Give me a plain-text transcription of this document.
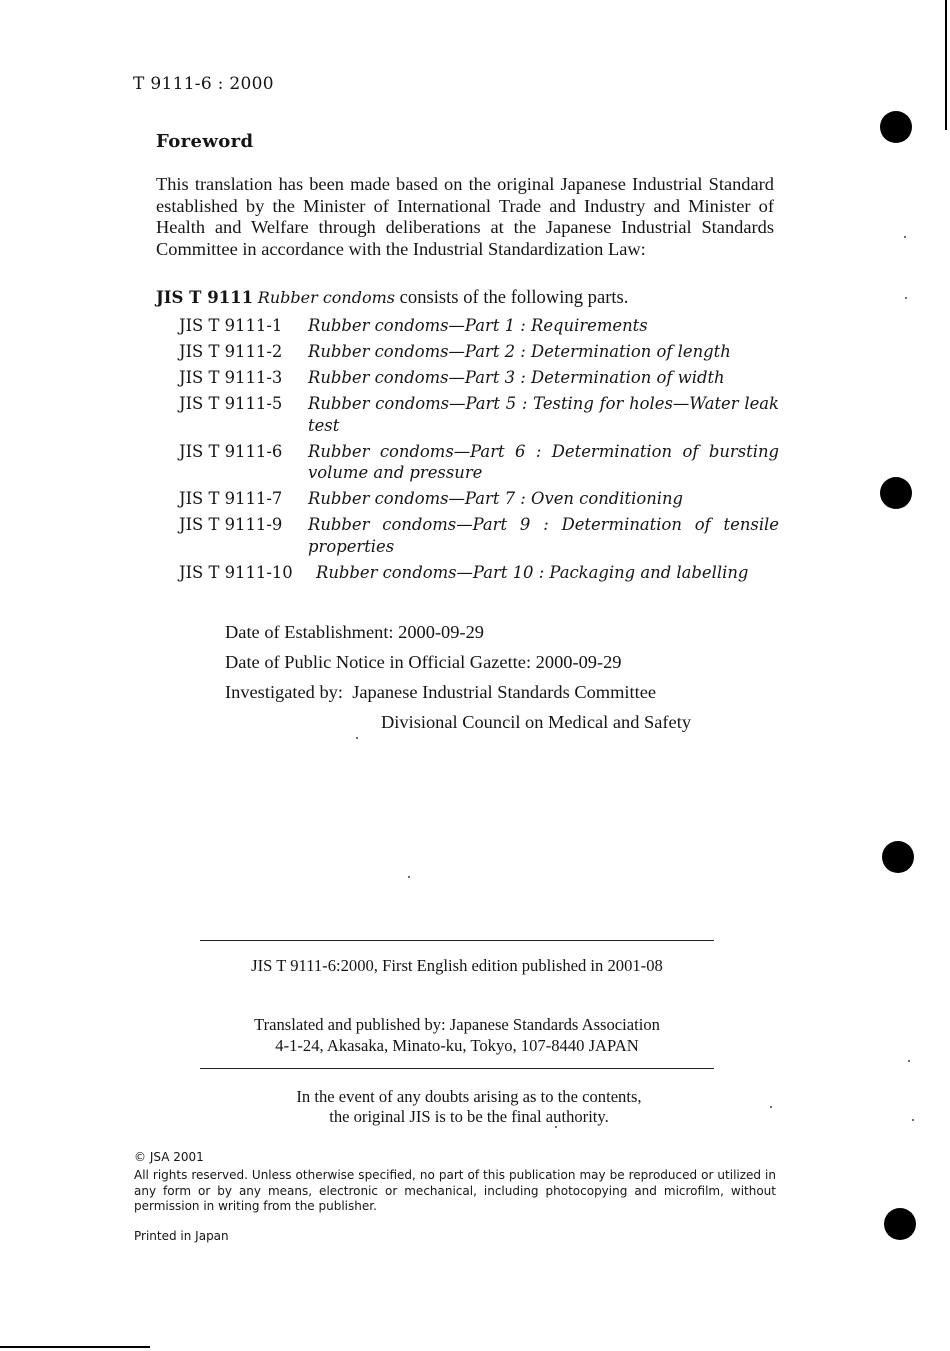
T 9111-6 : 2000
Foreword

This translation has been made based on the original Japanese Industrial Standard established by the Minister of International Trade and Industry and Minister of Health and Welfare through deliberations at the Japanese Industrial Standards Committee in accordance with the Industrial Standardization Law:

JIS T 9111 Rubber condoms consists of the following parts.
JIS T 9111-1	Rubber condoms—Part 1 : Requirements
JIS T 9111-2	Rubber condoms—Part 2 : Determination of length
JIS T 9111-3	Rubber condoms—Part 3 : Determination of width
JIS T 9111-5	Rubber condoms—Part 5 : Testing for holes—Water leak test
JIS T 9111-6	Rubber condoms—Part 6 : Determination of bursting volume and pressure
JIS T 9111-7	Rubber condoms—Part 7 : Oven conditioning
JIS T 9111-9	Rubber condoms—Part 9 : Determination of tensile properties
JIS T 9111-10	Rubber condoms—Part 10 : Packaging and labelling
Date of Establishment: 2000-09-29
Date of Public Notice in Official Gazette: 2000-09-29
Investigated by: Japanese Industrial Standards Committee
Divisional Council on Medical and Safety
JIS T 9111-6:2000, First English edition published in 2001-08
Translated and published by: Japanese Standards Association
4-1-24, Akasaka, Minato-ku, Tokyo, 107-8440 JAPAN
In the event of any doubts arising as to the contents,
the original JIS is to be the final authority.
© JSA 2001
All rights reserved. Unless otherwise specified, no part of this publication may be reproduced or utilized in any form or by any means, electronic or mechanical, including photocopying and microfilm, without permission in writing from the publisher.
Printed in Japan
